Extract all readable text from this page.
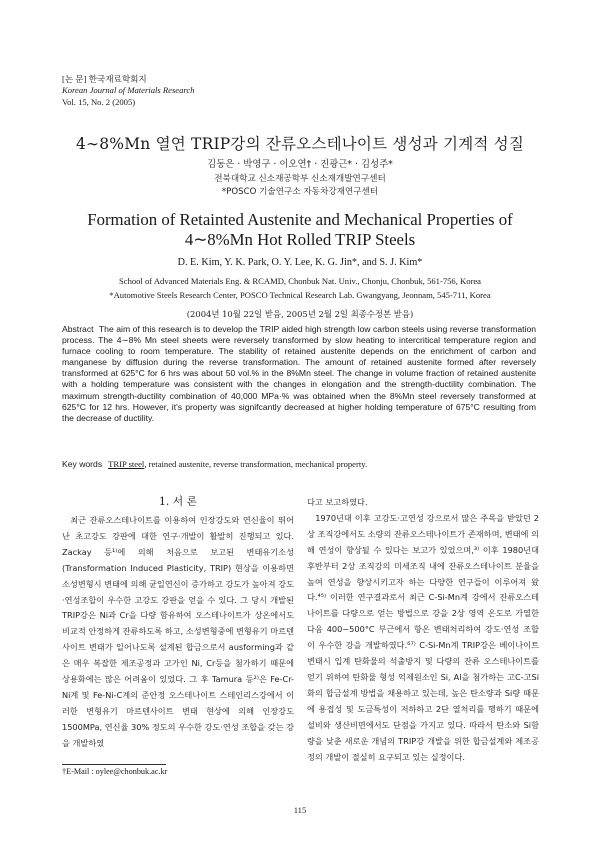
[논 문] 한국재료학회지
Korean Journal of Materials Research
Vol. 15, No. 2 (2005)
4∼8%Mn 열연 TRIP강의 잔류오스테나이트 생성과 기계적 성질
김동은 · 박영구 · 이오연† · 진광근* · 김성주*
전북대학교 신소재공학부 신소재개발연구센터
*POSCO 기술연구소 자동차강재연구센터
Formation of Retainted Austenite and Mechanical Properties of
4∼8%Mn Hot Rolled TRIP Steels
D. E. Kim, Y. K. Park, O. Y. Lee, K. G. Jin*, and S. J. Kim*
School of Advanced Materials Eng. & RCAMD, Chonbuk Nat. Univ., Chonju, Chonbuk, 561-756, Korea
*Automotive Steels Research Center, POSCO Technical Research Lab. Gwangyang, Jeonnam, 545-711, Korea
(2004년 10월 22일 받음, 2005년 2월 2일 최종수정본 받음)
Abstract The aim of this research is to develop the TRIP aided high strength low carbon steels using reverse transformation process. The 4∼8% Mn steel sheets were reversely transformed by slow heating to intercritical temperature region and furnace cooling to room temperature. The stability of retained austenite depends on the enrichment of carbon and manganese by diffusion during the reverse transformation. The amount of retained austenite formed after reversely transformed at 625°C for 6 hrs was about 50 vol.% in the 8%Mn steel. The change in volume fraction of retained austenite with a holding temperature was consistent with the changes in elongation and the strength-ductility combination. The maximum strength-ductility combination of 40,000 MPa·% was obtained when the 8%Mn steel reversely transformed at 625°C for 12 hrs. However, it's property was signifcantly decreased at higher holding temperature of 675°C resulting from the decrease of ductility.
Key words TRIP steel, retained austenite, reverse transformation, mechanical property.
1. 서 론
최근 잔류오스테나이트를 이용하여 인장강도와 연신율이 뛰어난 초고강도 강판에 대한 연구·개발이 활발히 진행되고 있다. Zackay 등¹⁾에 의해 처음으로 보고된 변태유기소성(Transformation Induced Plasticity, TRIP) 현상을 이용하면 소성변형시 변태에 의해 균일연신이 증가하고 강도가 높아져 강도·연성조합이 우수한 고강도 강판을 얻을 수 있다. 그 당시 개발된 TRIP강은 Ni과 Cr을 다량 함유하여 오스테나이트가 상온에서도 비교적 안정하게 잔류하도록 하고, 소성변형중에 변형유기 마르텐사이트 변태가 일어나도록 설계된 합금으로서 ausforming과 같은 매우 복잡한 제조공정과 고가인 Ni, Cr등을 첨가하기 때문에 상용화에는 많은 어려움이 있었다. 그 후 Tamura 등²⁾은 Fe-Cr-Ni계 및 Fe-Ni-C계의 준안정 오스테나이트 스테인리스강에서 이러한 변형유기 마르텐사이트 변태 현상에 의해 인장강도 1500MPa, 연신율 30% 정도의 우수한 강도·연성 조합을 갖는 강을 개발하였

다고 보고하였다.

1970년대 이후 고강도·고연성 강으로서 많은 주목을 받았던 2상 조직강에서도 소량의 잔류오스테나이트가 존재하며, 변태에 의해 연성이 향상될 수 있다는 보고가 있었으며,³⁾ 이후 1980년대 후반부터 2상 조직강의 미세조직 내에 잔류오스테나이트 분율을 높여 연성을 향상시키고자 하는 다양한 연구들이 이루어져 왔다.⁴⁵⁾ 이러한 연구결과로서 최근 C-Si-Mn계 강에서 잔류오스테나이트를 다량으로 얻는 방법으로 강을 2상 영역 온도로 가열한 다음 400∼500°C 부근에서 항온 변태처리하여 강도·연성 조합이 우수한 강을 개발하였다.⁶⁷⁾ C-Si-Mn계 TRIP강은 베이나이트 변태시 입계 탄화물의 석출방지 및 다량의 잔류 오스테나이트를 얻기 위하여 탄화물 형성 억제원소인 Si, Al을 첨가하는 고C-고Si화의 합금설계 방법을 채용하고 있는데, 높은 탄소량과 Si량 때문에 용접성 및 도금특성이 저하하고 2단 열처리를 행하기 때문에 설비와 생산비면에서도 단점을 가지고 있다. 따라서 탄소와 Si함량을 낮춘 새로운 개념의 TRIP강 개발을 위한 합금설계와 제조공정의 개발이 절실히 요구되고 있는 실정이다.

†E-Mail : oylee@chonbuk.ac.kr
115
